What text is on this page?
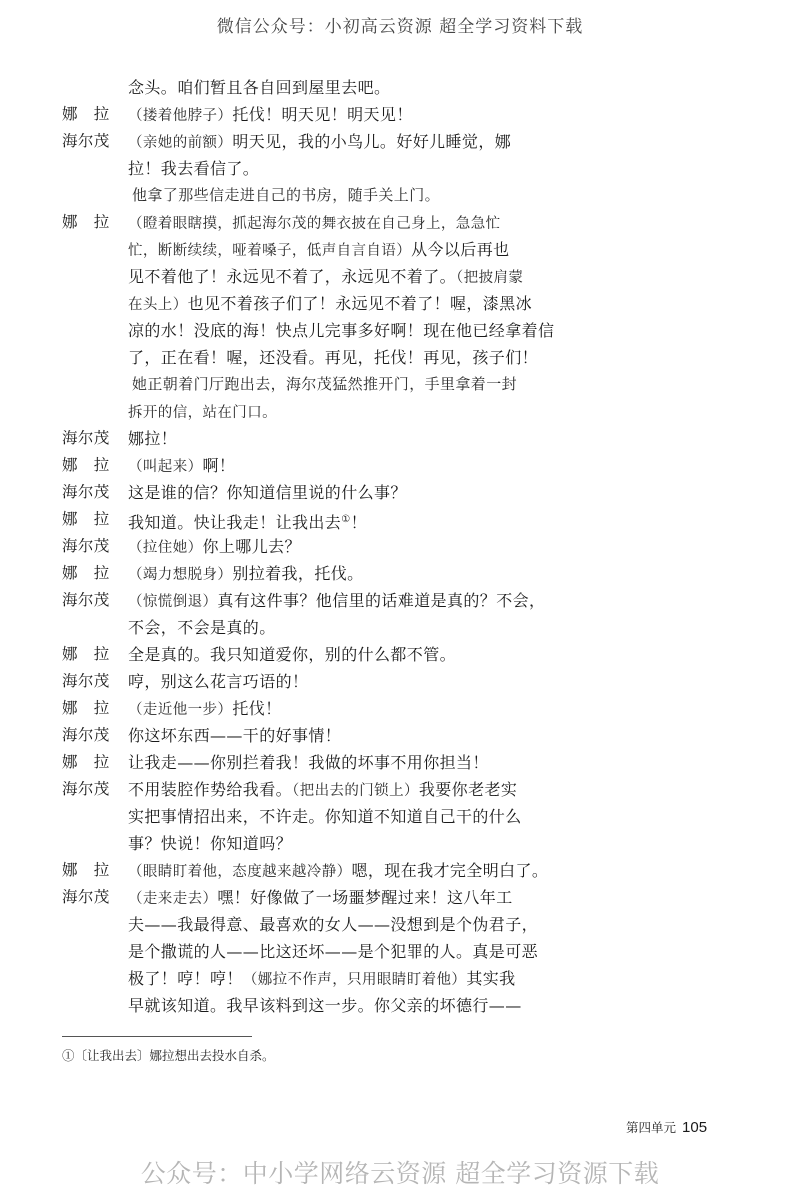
微信公众号：小初高云资源 超全学习资料下载
念头。咱们暂且各自回到屋里去吧。
娜　拉 （搂着他脖子）托伐！明天见！明天见！
海尔茂 （亲她的前额）明天见，我的小鸟儿。好好儿睡觉，娜
拉！我去看信了。
他拿了那些信走进自己的书房，随手关上门。
娜　拉 （瞪着眼瞎摸，抓起海尔茂的舞衣披在自己身上，急急忙
忙，断断续续，哑着嗓子，低声自言自语）从今以后再也
见不着他了！永远见不着了，永远见不着了。（把披肩蒙
在头上）也见不着孩子们了！永远见不着了！喔，漆黑冰
凉的水！没底的海！快点儿完事多好啊！现在他已经拿着信
了，正在看！喔，还没看。再见，托伐！再见，孩子们！
她正朝着门厅跑出去，海尔茂猛然推开门，手里拿着一封
拆开的信，站在门口。
海尔茂 娜拉！
娜　拉 （叫起来）啊！
海尔茂 这是谁的信？你知道信里说的什么事？
娜　拉 我知道。快让我走！让我出去①！
海尔茂 （拉住她）你上哪儿去？
娜　拉 （竭力想脱身）别拉着我，托伐。
海尔茂 （惊慌倒退）真有这件事？他信里的话难道是真的？不会，
不会，不会是真的。
娜　拉 全是真的。我只知道爱你，别的什么都不管。
海尔茂 哼，别这么花言巧语的！
娜　拉 （走近他一步）托伐！
海尔茂 你这坏东西——干的好事情！
娜　拉 让我走——你别拦着我！我做的坏事不用你担当！
海尔茂 不用装腔作势给我看。（把出去的门锁上）我要你老老实
实把事情招出来，不许走。你知道不知道自己干的什么
事？快说！你知道吗？
娜　拉 （眼睛盯着他，态度越来越冷静）嗯，现在我才完全明白了。
海尔茂 （走来走去）嘿！好像做了一场噩梦醒过来！这八年工
夫——我最得意、最喜欢的女人——没想到是个伪君子，
是个撒谎的人——比这还坏——是个犯罪的人。真是可恶
极了！哼！哼！（娜拉不作声，只用眼睛盯着他）其实我
早就该知道。我早该料到这一步。你父亲的坏德行——
①〔让我出去〕娜拉想出去投水自杀。
第四单元 105
公众号：中小学网络云资源 超全学习资源下载
